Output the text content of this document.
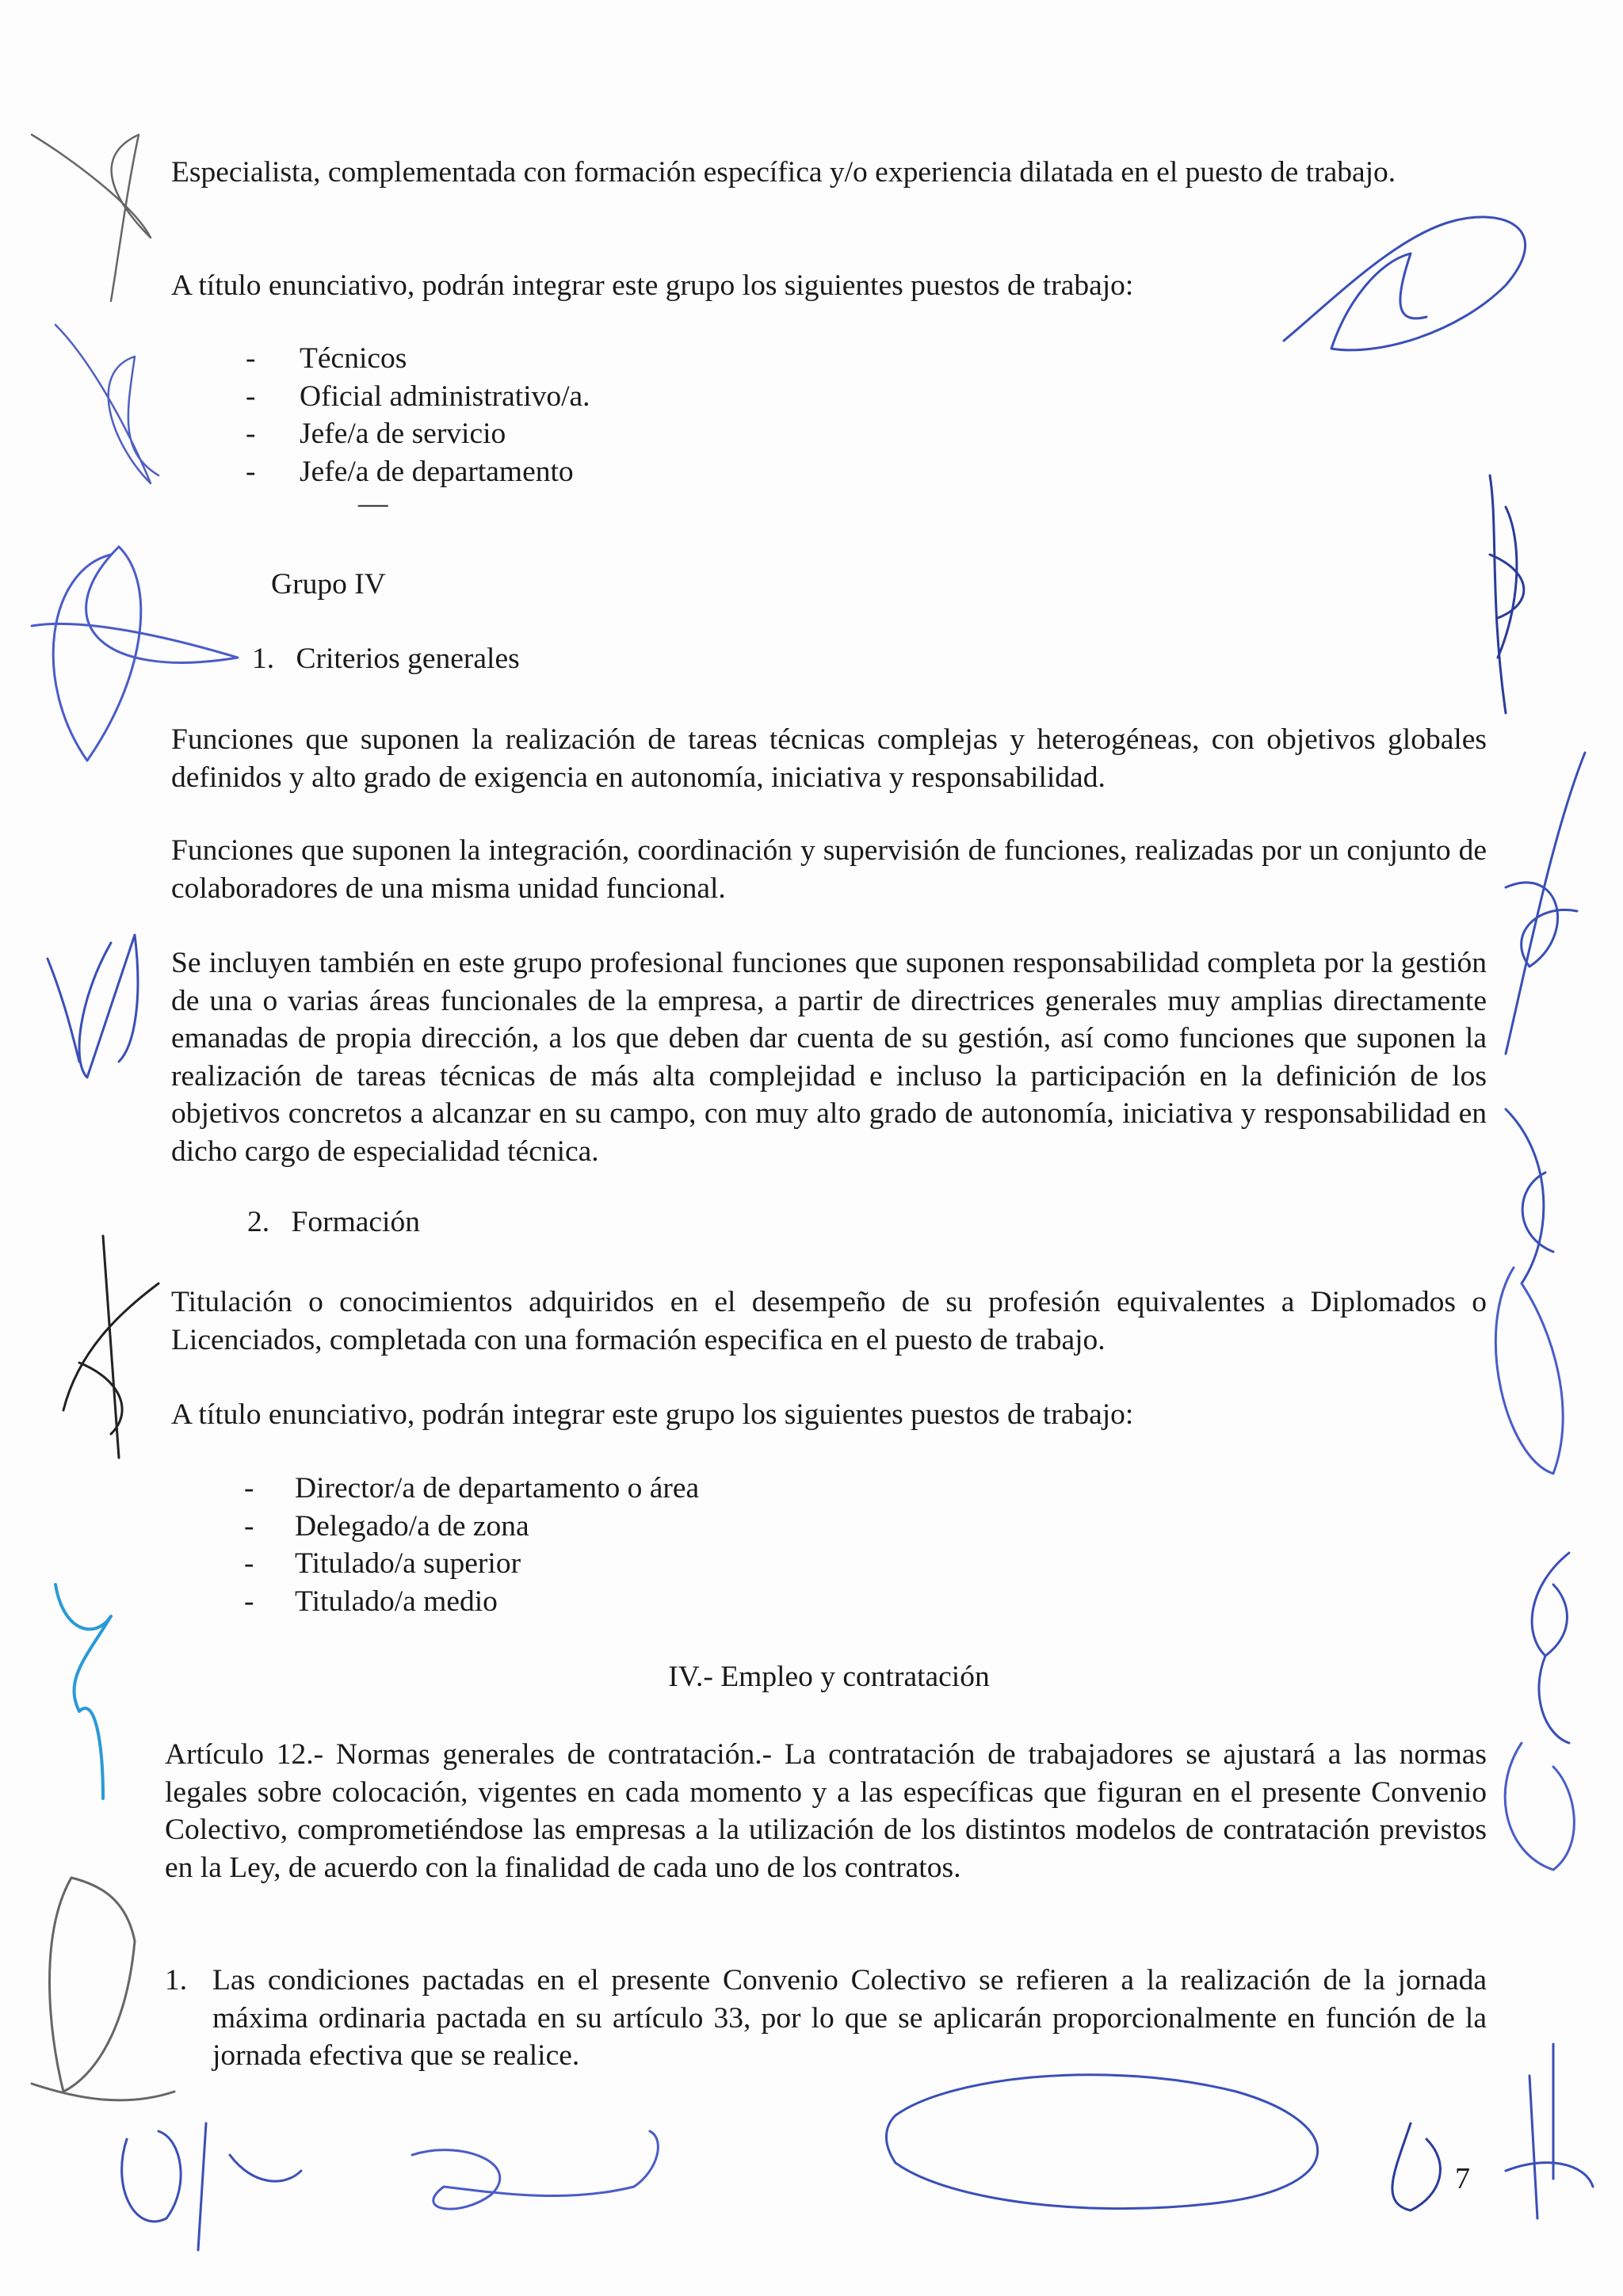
Especialista, complementada con formación específica y/o experiencia dilatada en el puesto de trabajo.

A título enunciativo, podrán integrar este grupo los siguientes puestos de trabajo:

- Técnicos
- Oficial administrativo/a.
- Jefe/a de servicio
- Jefe/a de departamento
—
Grupo IV
1. Criterios generales

Funciones que suponen la realización de tareas técnicas complejas y heterogéneas, con objetivos globales definidos y alto grado de exigencia en autonomía, iniciativa y responsabilidad.

Funciones que suponen la integración, coordinación y supervisión de funciones, realizadas por un conjunto de colaboradores de una misma unidad funcional.

Se incluyen también en este grupo profesional funciones que suponen responsabilidad completa por la gestión de una o varias áreas funcionales de la empresa, a partir de directrices generales muy amplias directamente emanadas de propia dirección, a los que deben dar cuenta de su gestión, así como funciones que suponen la realización de tareas técnicas de más alta complejidad e incluso la participación en la definición de los objetivos concretos a alcanzar en su campo, con muy alto grado de autonomía, iniciativa y responsabilidad en dicho cargo de especialidad técnica.

2. Formación

Titulación o conocimientos adquiridos en el desempeño de su profesión equivalentes a Diplomados o Licenciados, completada con una formación especifica en el puesto de trabajo.

A título enunciativo, podrán integrar este grupo los siguientes puestos de trabajo:

- Director/a de departamento o área
- Delegado/a de zona
- Titulado/a superior
- Titulado/a medio
IV.- Empleo y contratación

Artículo 12.- Normas generales de contratación.- La contratación de trabajadores se ajustará a las normas legales sobre colocación, vigentes en cada momento y a las específicas que figuran en el presente Convenio Colectivo, comprometiéndose las empresas a la utilización de los distintos modelos de contratación previstos en la Ley, de acuerdo con la finalidad de cada uno de los contratos.

1. Las condiciones pactadas en el presente Convenio Colectivo se refieren a la realización de la jornada máxima ordinaria pactada en su artículo 33, por lo que se aplicarán proporcionalmente en función de la jornada efectiva que se realice.

7
